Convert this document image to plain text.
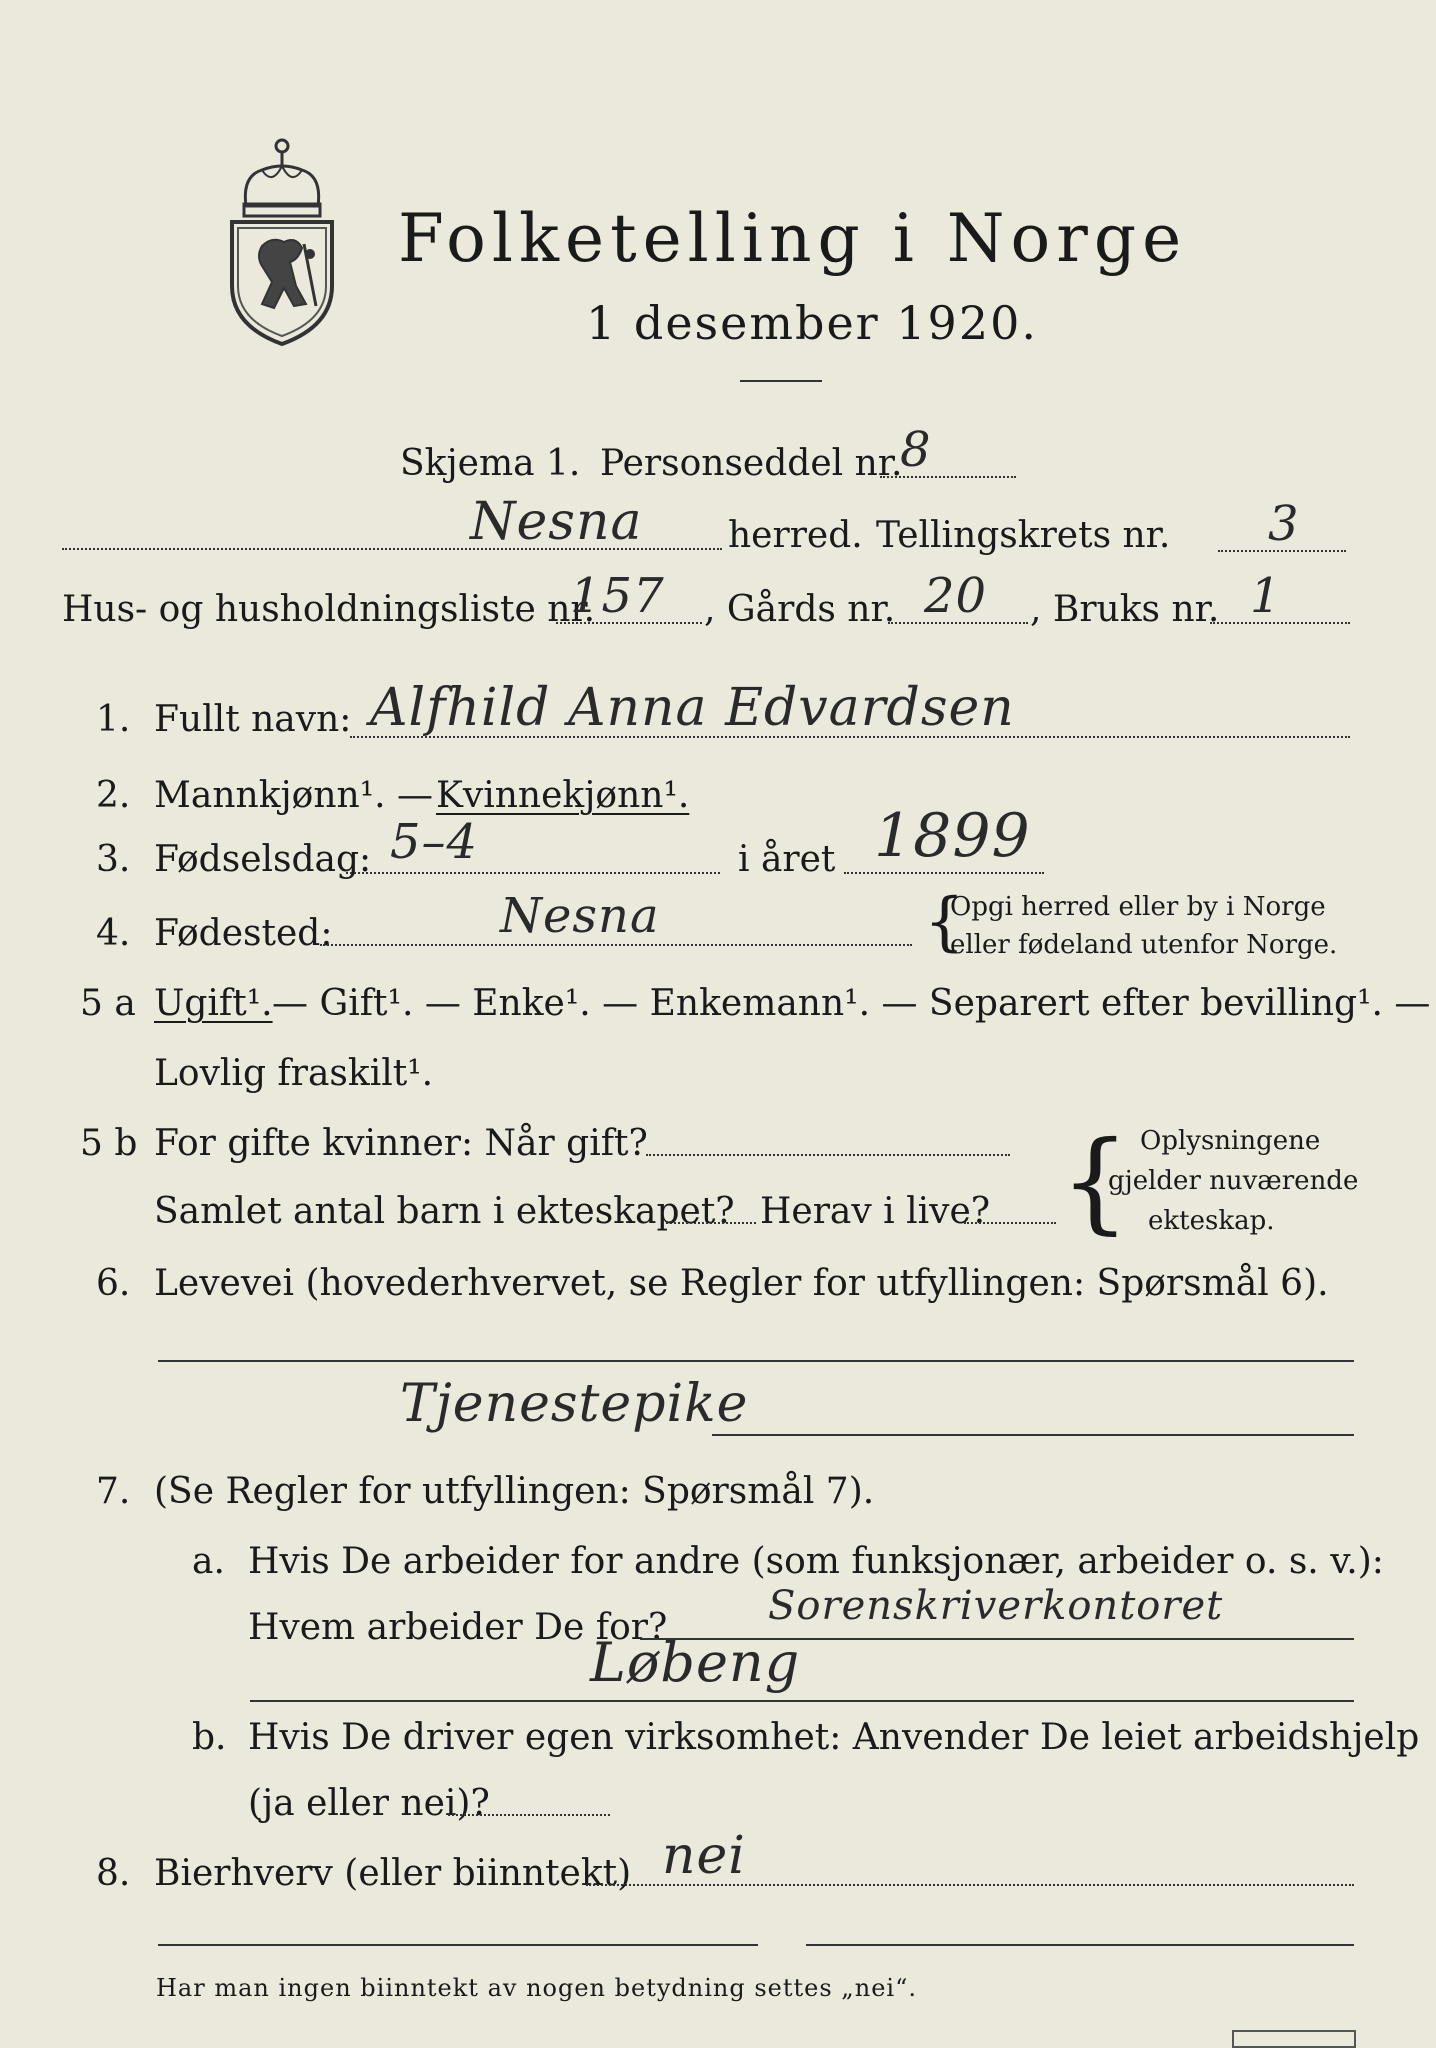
Folketelling i Norge
1 desember 1920.
Skjema 1. Personseddel nr.
8
Nesna herred. Tellingskrets nr. 3
Hus- og husholdningsliste nr.
157 , Gårds nr. 20 , Bruks nr. 1
1. Fullt navn: Alfhild Anna Edvardsen
2. Mannkjønn¹. — Kvinnekjønn¹.
3. Fødselsdag: 5–4	i året 1899
4. Fødested:	Nesna	{
Opgi herred eller by i Norge
eller fødeland utenfor Norge.
5 a Ugift¹. — Gift¹. — Enke¹. — Enkemann¹. — Separert efter bevilling¹. —
Lovlig fraskilt¹.
5 b For gifte kvinner: Når gift?
Samlet antal barn i ekteskapet? Herav i live? { Oplysningene
gjelder nuværende
ekteskap.
6. Levevei (hovederhvervet, se Regler for utfyllingen: Spørsmål 6).
Tjenestepike
7. (Se Regler for utfyllingen: Spørsmål 7).
a. Hvis De arbeider for andre (som funksjonær, arbeider o. s. v.):
Hvem arbeider De for?	Sorenskriverkontoret
Løbeng
b. Hvis De driver egen virksomhet: Anvender De leiet arbeidshjelp
(ja eller nei)?
8. Bierhverv (eller biinntekt) nei
Har man ingen biinntekt av nogen betydning settes „nei“.
